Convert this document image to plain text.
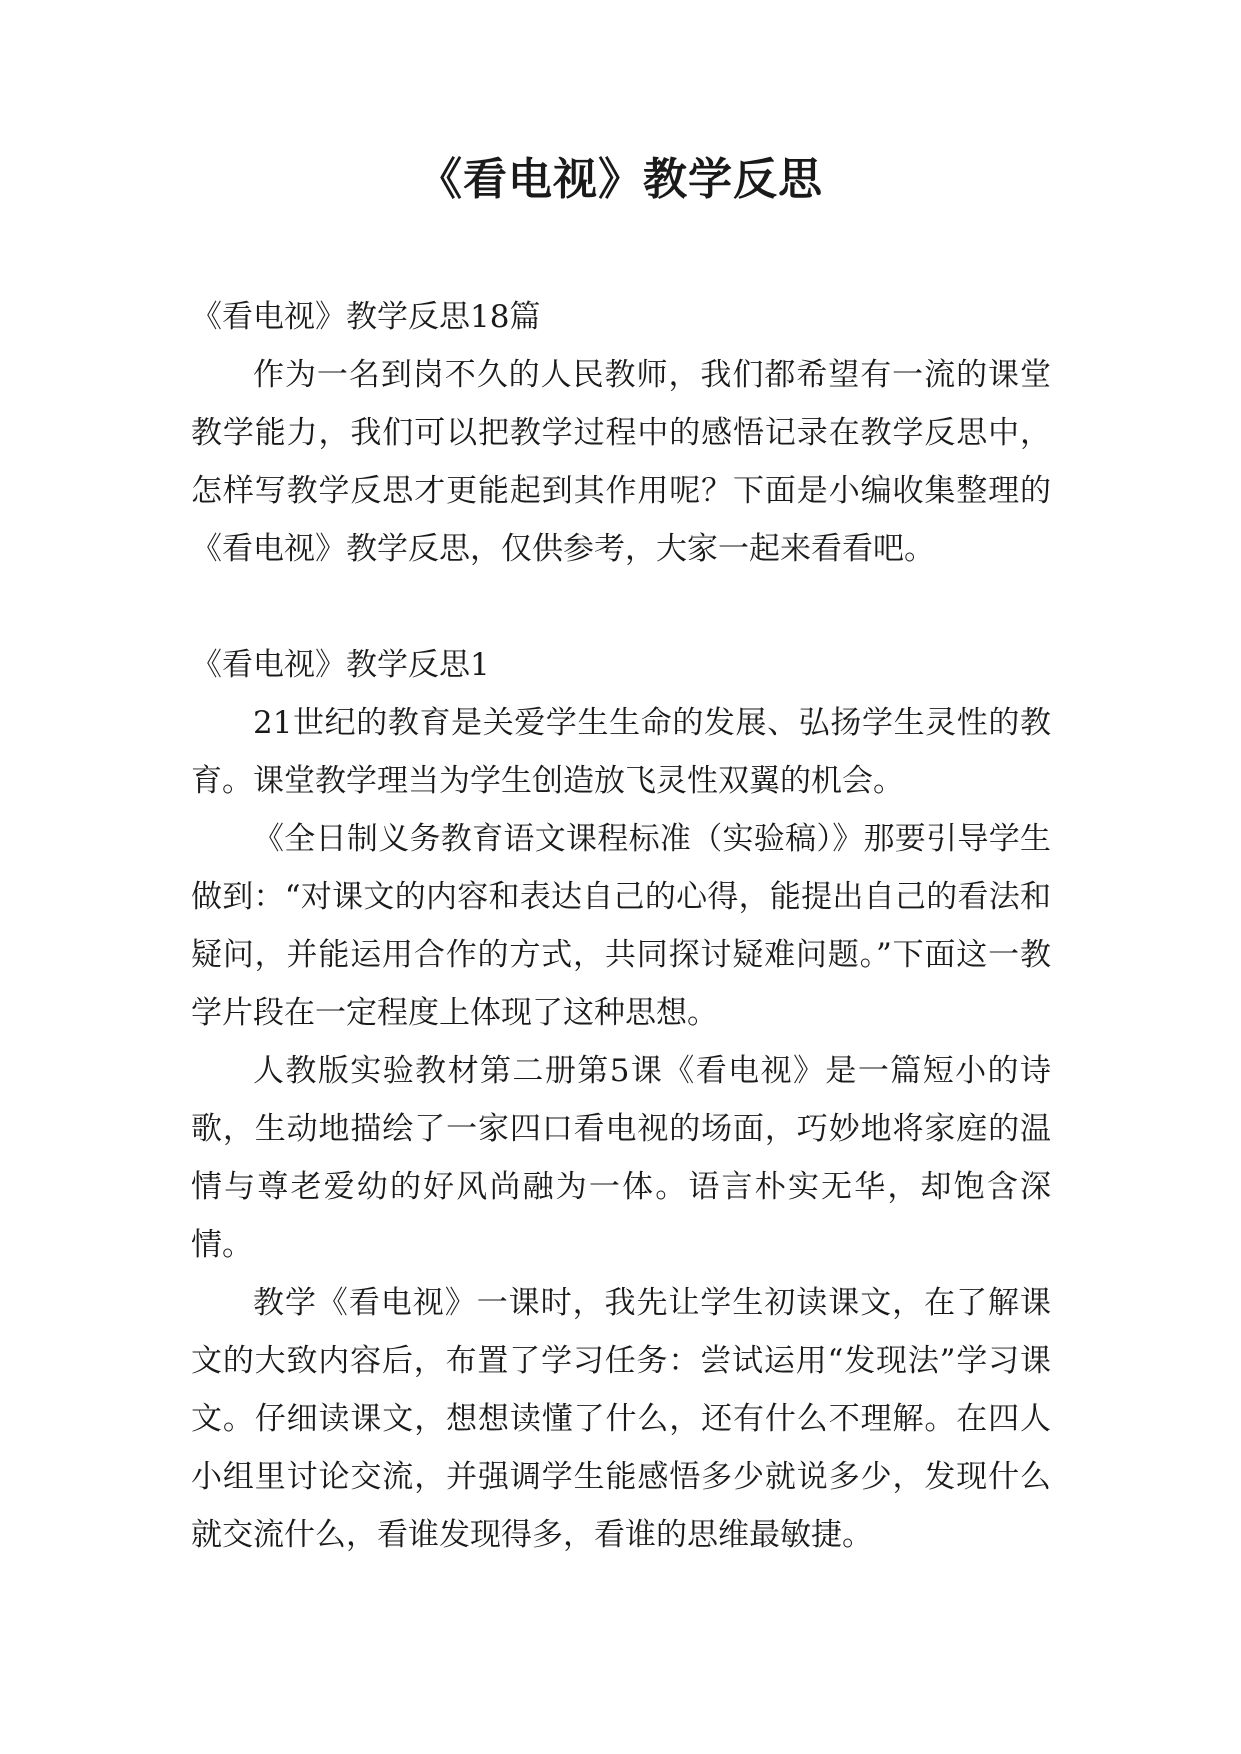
《看电视》教学反思

《看电视》教学反思18篇

作为一名到岗不久的人民教师，我们都希望有一流的课堂教学能力，我们可以把教学过程中的感悟记录在教学反思中，怎样写教学反思才更能起到其作用呢？下面是小编收集整理的《看电视》教学反思，仅供参考，大家一起来看看吧。

《看电视》教学反思1

21世纪的教育是关爱学生生命的发展、弘扬学生灵性的教育。课堂教学理当为学生创造放飞灵性双翼的机会。

《全日制义务教育语文课程标准（实验稿）》那要引导学生做到：“对课文的内容和表达自己的心得，能提出自己的看法和疑问，并能运用合作的方式，共同探讨疑难问题。”下面这一教学片段在一定程度上体现了这种思想。

人教版实验教材第二册第5课《看电视》是一篇短小的诗歌，生动地描绘了一家四口看电视的场面，巧妙地将家庭的温情与尊老爱幼的好风尚融为一体。语言朴实无华，却饱含深情。

教学《看电视》一课时，我先让学生初读课文，在了解课文的大致内容后，布置了学习任务：尝试运用“发现法”学习课文。仔细读课文，想想读懂了什么，还有什么不理解。在四人小组里讨论交流，并强调学生能感悟多少就说多少，发现什么就交流什么，看谁发现得多，看谁的思维最敏捷。
